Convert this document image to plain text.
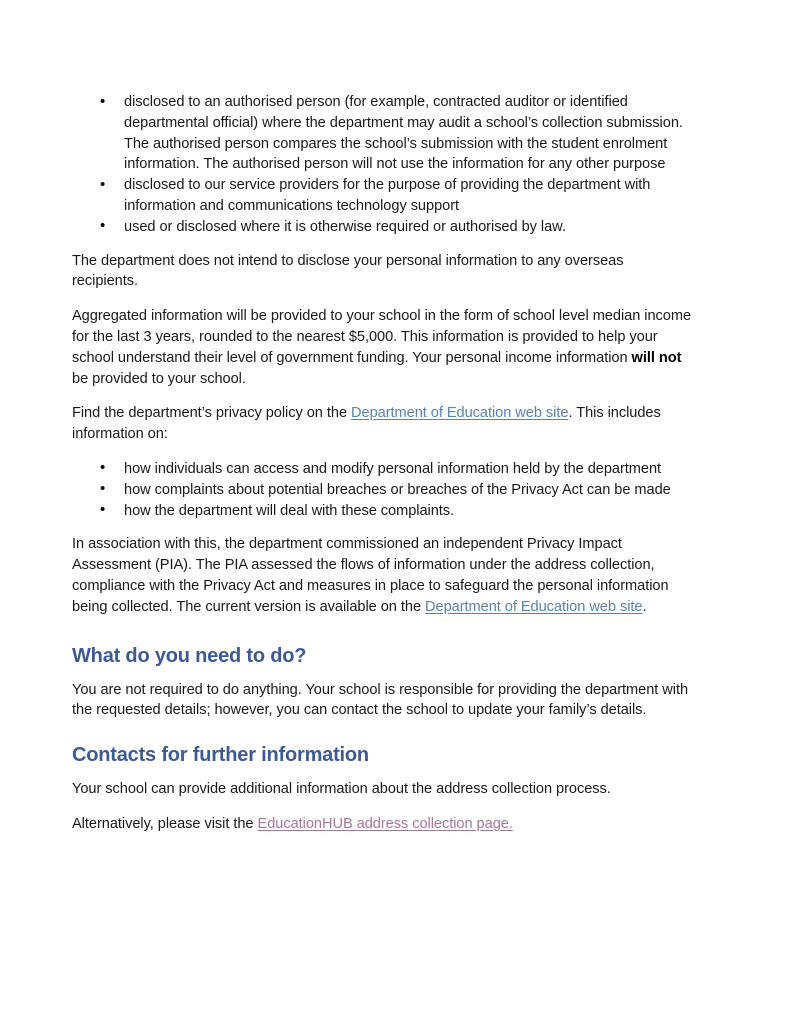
• disclosed to an authorised person (for example, contracted auditor or identified departmental official) where the department may audit a school’s collection submission. The authorised person compares the school’s submission with the student enrolment information. The authorised person will not use the information for any other purpose
• disclosed to our service providers for the purpose of providing the department with information and communications technology support
• used or disclosed where it is otherwise required or authorised by law.

The department does not intend to disclose your personal information to any overseas recipients.

Aggregated information will be provided to your school in the form of school level median income for the last 3 years, rounded to the nearest $5,000. This information is provided to help your school understand their level of government funding. Your personal income information will not be provided to your school.

Find the department’s privacy policy on the Department of Education web site. This includes information on:

• how individuals can access and modify personal information held by the department
• how complaints about potential breaches or breaches of the Privacy Act can be made
• how the department will deal with these complaints.

In association with this, the department commissioned an independent Privacy Impact Assessment (PIA). The PIA assessed the flows of information under the address collection, compliance with the Privacy Act and measures in place to safeguard the personal information being collected. The current version is available on the Department of Education web site.

What do you need to do?

You are not required to do anything. Your school is responsible for providing the department with the requested details; however, you can contact the school to update your family’s details.

Contacts for further information

Your school can provide additional information about the address collection process.

Alternatively, please visit the EducationHUB address collection page.
